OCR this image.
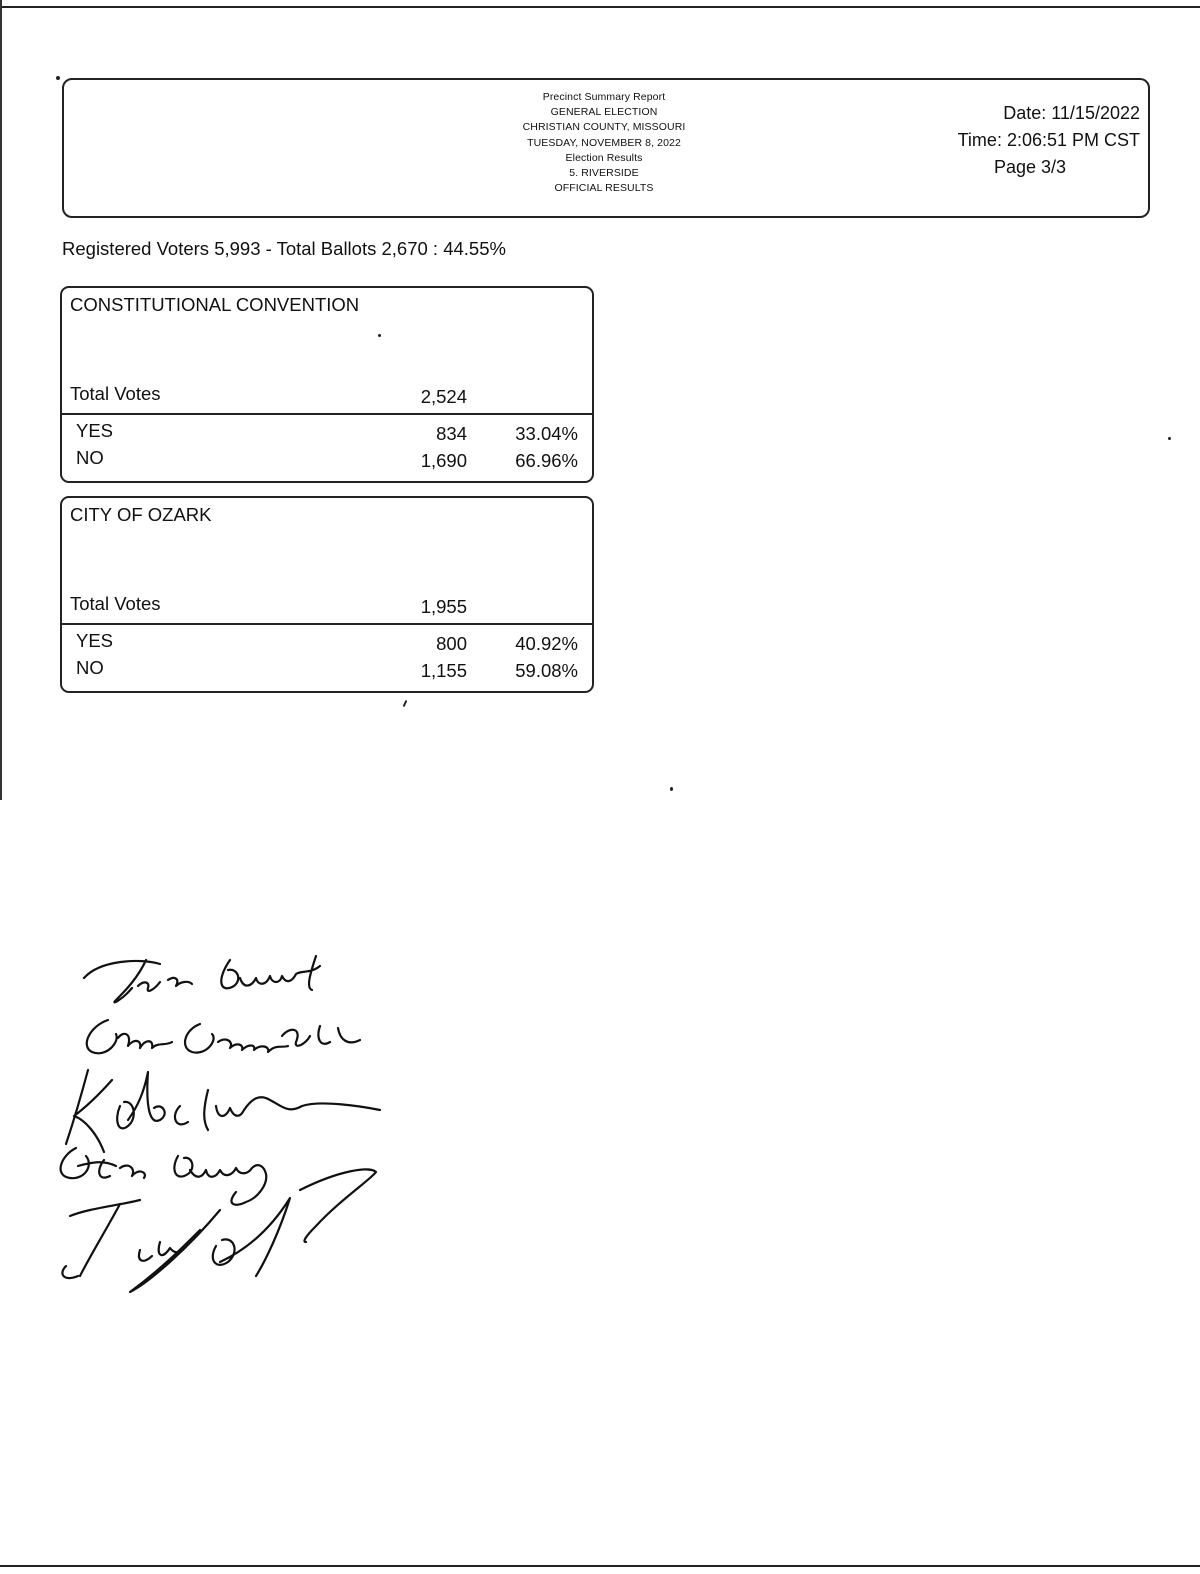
Precinct Summary Report
GENERAL ELECTION
CHRISTIAN COUNTY, MISSOURI
TUESDAY, NOVEMBER 8, 2022
Election Results
5. RIVERSIDE
OFFICIAL RESULTS
Date: 11/15/2022
Time: 2:06:51 PM CST
Page 3/3
Registered Voters 5,993 - Total Ballots 2,670 : 44.55%
CONSTITUTIONAL CONVENTION
Total Votes	2,524
YES	834	33.04%
NO	1,690	66.96%
CITY OF OZARK
Total Votes	1,955
YES	800	40.92%
NO	1,155	59.08%
